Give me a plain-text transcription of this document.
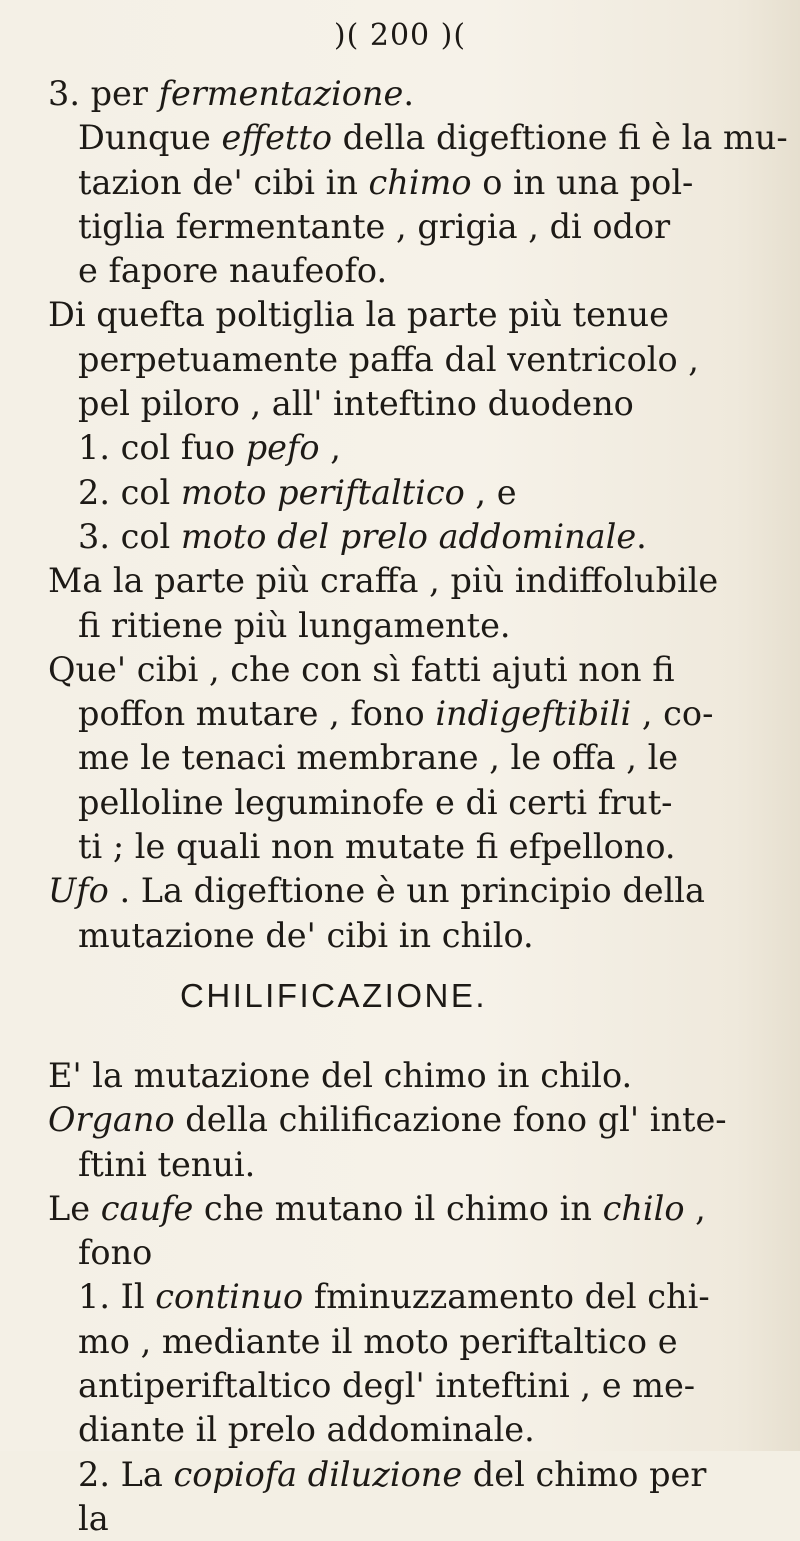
)( 200 )(
3. per fermentazione.
Dunque effetto della digeftione fi è la mu-
tazion de' cibi in chimo o in una pol-
tiglia fermentante , grigia , di odor
e fapore naufeofo.
Di quefta poltiglia la parte più tenue
perpetuamente paffa dal ventricolo ,
pel piloro , all' inteftino duodeno
1. col fuo pefo ,
2. col moto periftaltico , e
3. col moto del prelo addominale.
Ma la parte più craffa , più indiffolubile
fi ritiene più lungamente.
Que' cibi , che con sì fatti ajuti non fi
poffon mutare , fono indigeftibili , co-
me le tenaci membrane , le offa , le
pelloline leguminofe e di certi frut-
ti ; le quali non mutate fi efpellono.
Ufo . La digeftione è un principio della
mutazione de' cibi in chilo.
CHILIFICAZIONE.
E' la mutazione del chimo in chilo.
Organo della chilificazione fono gl' inte-
ftini tenui.
Le caufe che mutano il chimo in chilo ,
fono
1. Il continuo fminuzzamento del chi-
mo , mediante il moto periftaltico e
antiperiftaltico degl' inteftini , e me-
diante il prelo addominale.
2. La copiofa diluzione del chimo per
la
